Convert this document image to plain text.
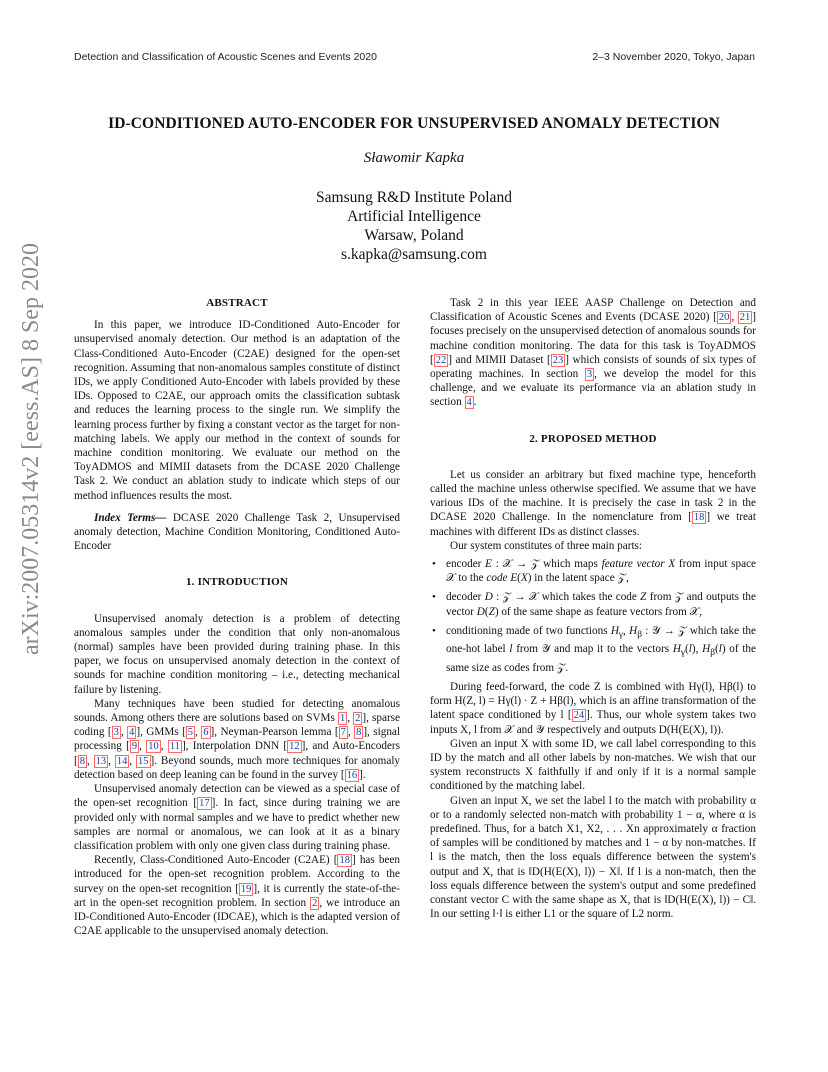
Detection and Classification of Acoustic Scenes and Events 2020	2–3 November 2020, Tokyo, Japan
ID-CONDITIONED AUTO-ENCODER FOR UNSUPERVISED ANOMALY DETECTION
Sławomir Kapka
Samsung R&D Institute Poland
Artificial Intelligence
Warsaw, Poland
s.kapka@samsung.com
arXiv:2007.05314v2 [eess.AS] 8 Sep 2020	ABSTRACT

In this paper, we introduce ID-Conditioned Auto-Encoder for unsupervised anomaly detection. Our method is an adaptation of the Class-Conditioned Auto-Encoder (C2AE) designed for the open-set recognition. Assuming that non-anomalous samples constitute of distinct IDs, we apply Conditioned Auto-Encoder with labels provided by these IDs. Opposed to C2AE, our approach omits the classification subtask and reduces the learning process to the single run. We simplify the learning process further by fixing a constant vector as the target for non-matching labels. We apply our method in the context of sounds for machine condition monitoring. We evaluate our method on the ToyADMOS and MIMII datasets from the DCASE 2020 Challenge Task 2. We conduct an ablation study to indicate which steps of our method influences results the most.

Index Terms— DCASE 2020 Challenge Task 2, Unsupervised anomaly detection, Machine Condition Monitoring, Conditioned Auto-Encoder

1. INTRODUCTION

Unsupervised anomaly detection is a problem of detecting anomalous samples under the condition that only non-anomalous (normal) samples have been provided during training phase. In this paper, we focus on unsupervised anomaly detection in the context of sounds for machine condition monitoring – i.e., detecting mechanical failure by listening.

Many techniques have been studied for detecting anomalous sounds. Among others there are solutions based on SVMs 1 , 2 ], sparse coding [ 3 , 4 ], GMMs [ 5 , 6 ], Neyman-Pearson lemma [ 7 , 8 ], signal processing [ 9 , 10 , 11 ], Interpolation DNN [ 12 ], and Auto-Encoders [ 8 , 13 , 14 , 15 ]. Beyond sounds, much more techniques for anomaly detection based on deep leaning can be found in the survey [ 16 ].

Unsupervised anomaly detection can be viewed as a special case of the open-set recognition [ 17 ]. In fact, since during training we are provided only with normal samples and we have to predict whether new samples are normal or anomalous, we can look at it as a binary classification problem with only one given class during training phase.

Recently, Class-Conditioned Auto-Encoder (C2AE) [ 18 ] has been introduced for the open-set recognition problem. According to the survey on the open-set recognition [ 19 ], it is currently the state-of-the-art in the open-set recognition problem. In section 2 , we introduce an ID-Conditioned Auto-Encoder (IDCAE), which is the adapted version of C2AE applicable to the unsupervised anomaly detection.

Task 2 in this year IEEE AASP Challenge on Detection and Classification of Acoustic Scenes and Events (DCASE 2020) [ 20 , 21 ] focuses precisely on the unsupervised detection of anomalous sounds for machine condition monitoring. The data for this task is ToyADMOS [ 22 ] and MIMII Dataset [ 23 ] which consists of sounds of six types of operating machines. In section 3 , we develop the model for this challenge, and we evaluate its performance via an ablation study in section 4 .

2. PROPOSED METHOD

Let us consider an arbitrary but fixed machine type, henceforth called the machine unless otherwise specified. We assume that we have various IDs of the machine. It is precisely the case in task 2 in the DCASE 2020 Challenge. In the nomenclature from [ 18 ] we treat machines with different IDs as distinct classes.

Our system constitutes of three main parts:

• encoder E : 𝒳 → 𝒵 which maps feature vector X from input space 𝒳 to the code E(X) in the latent space 𝒵,
• decoder D : 𝒵 → 𝒳 which takes the code Z from 𝒵 and outputs the vector D(Z) of the same shape as feature vectors from 𝒳,
• conditioning made of two functions $H_\gamma$, $H_\beta$ : 𝒴 → 𝒵 which take the one-hot label l from 𝒴 and map it to the vectors $H_\gamma(l)$, $H_\beta(l)$ of the same size as codes from 𝒵.

During feed-forward, the code Z is combined with Hγ(l), Hβ(l) to form H(Z, l) = Hγ(l) · Z + Hβ(l), which is an affine transformation of the latent space conditioned by l [ 24 ]. Thus, our whole system takes two inputs X, l from 𝒳 and 𝒴 respectively and outputs D(H(E(X), l)).

Given an input X with some ID, we call label corresponding to this ID by the match and all other labels by non-matches. We wish that our system reconstructs X faithfully if and only if it is a normal sample conditioned by the matching label.

Given an input X, we set the label l to the match with probability α or to a randomly selected non-match with probability 1 − α, where α is predefined. Thus, for a batch X1, X2, . . . Xn approximately α fraction of samples will be conditioned by matches and 1 − α by non-matches. If l is the match, then the loss equals difference between the system's output and X, that is ‖D(H(E(X), l)) − X‖. If l is a non-match, then the loss equals difference between the system's output and some predefined constant vector C with the same shape as X, that is ‖D(H(E(X), l)) − C‖. In our setting ‖·‖ is either L1 or the square of L2 norm.
